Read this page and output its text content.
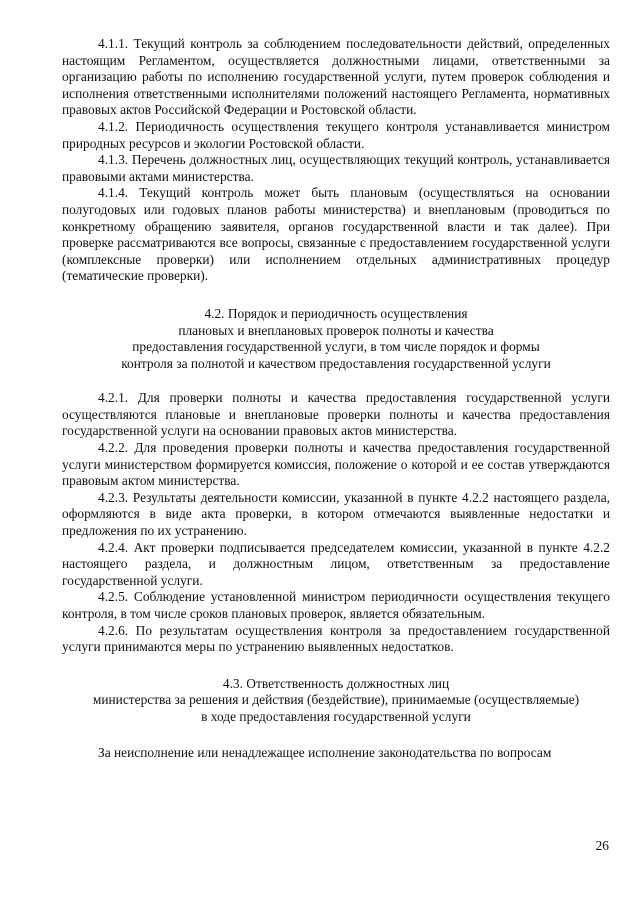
4.1.1. Текущий контроль за соблюдением последовательности действий, определенных настоящим Регламентом, осуществляется должностными лицами, ответственными за организацию работы по исполнению государственной услуги, путем проверок соблюдения и исполнения ответственными исполнителями положений настоящего Регламента, нормативных правовых актов Российской Федерации и Ростовской области.

4.1.2. Периодичность осуществления текущего контроля устанавливается министром природных ресурсов и экологии Ростовской области.

4.1.3. Перечень должностных лиц, осуществляющих текущий контроль, устанавливается правовыми актами министерства.

4.1.4. Текущий контроль может быть плановым (осуществляться на основании полугодовых или годовых планов работы министерства) и внеплановым (проводиться по конкретному обращению заявителя, органов государственной власти и так далее). При проверке рассматриваются все вопросы, связанные с предоставлением государственной услуги (комплексные проверки) или исполнением отдельных административных процедур (тематические проверки).

4.2. Порядок и периодичность осуществления
плановых и внеплановых проверок полноты и качества
предоставления государственной услуги, в том числе порядок и формы
контроля за полнотой и качеством предоставления государственной услуги

4.2.1. Для проверки полноты и качества предоставления государственной услуги осуществляются плановые и внеплановые проверки полноты и качества предоставления государственной услуги на основании правовых актов министерства.

4.2.2. Для проведения проверки полноты и качества предоставления государственной услуги министерством формируется комиссия, положение о которой и ее состав утверждаются правовым актом министерства.

4.2.3. Результаты деятельности комиссии, указанной в пункте 4.2.2 настоящего раздела, оформляются в виде акта проверки, в котором отмечаются выявленные недостатки и предложения по их устранению.

4.2.4. Акт проверки подписывается председателем комиссии, указанной в пункте 4.2.2 настоящего раздела, и должностным лицом, ответственным за предоставление государственной услуги.

4.2.5. Соблюдение установленной министром периодичности осуществления текущего контроля, в том числе сроков плановых проверок, является обязательным.

4.2.6. По результатам осуществления контроля за предоставлением государственной услуги принимаются меры по устранению выявленных недостатков.

4.3. Ответственность должностных лиц
министерства за решения и действия (бездействие), принимаемые (осуществляемые)
в ходе предоставления государственной услуги

За неисполнение или ненадлежащее исполнение законодательства по вопросам

26
